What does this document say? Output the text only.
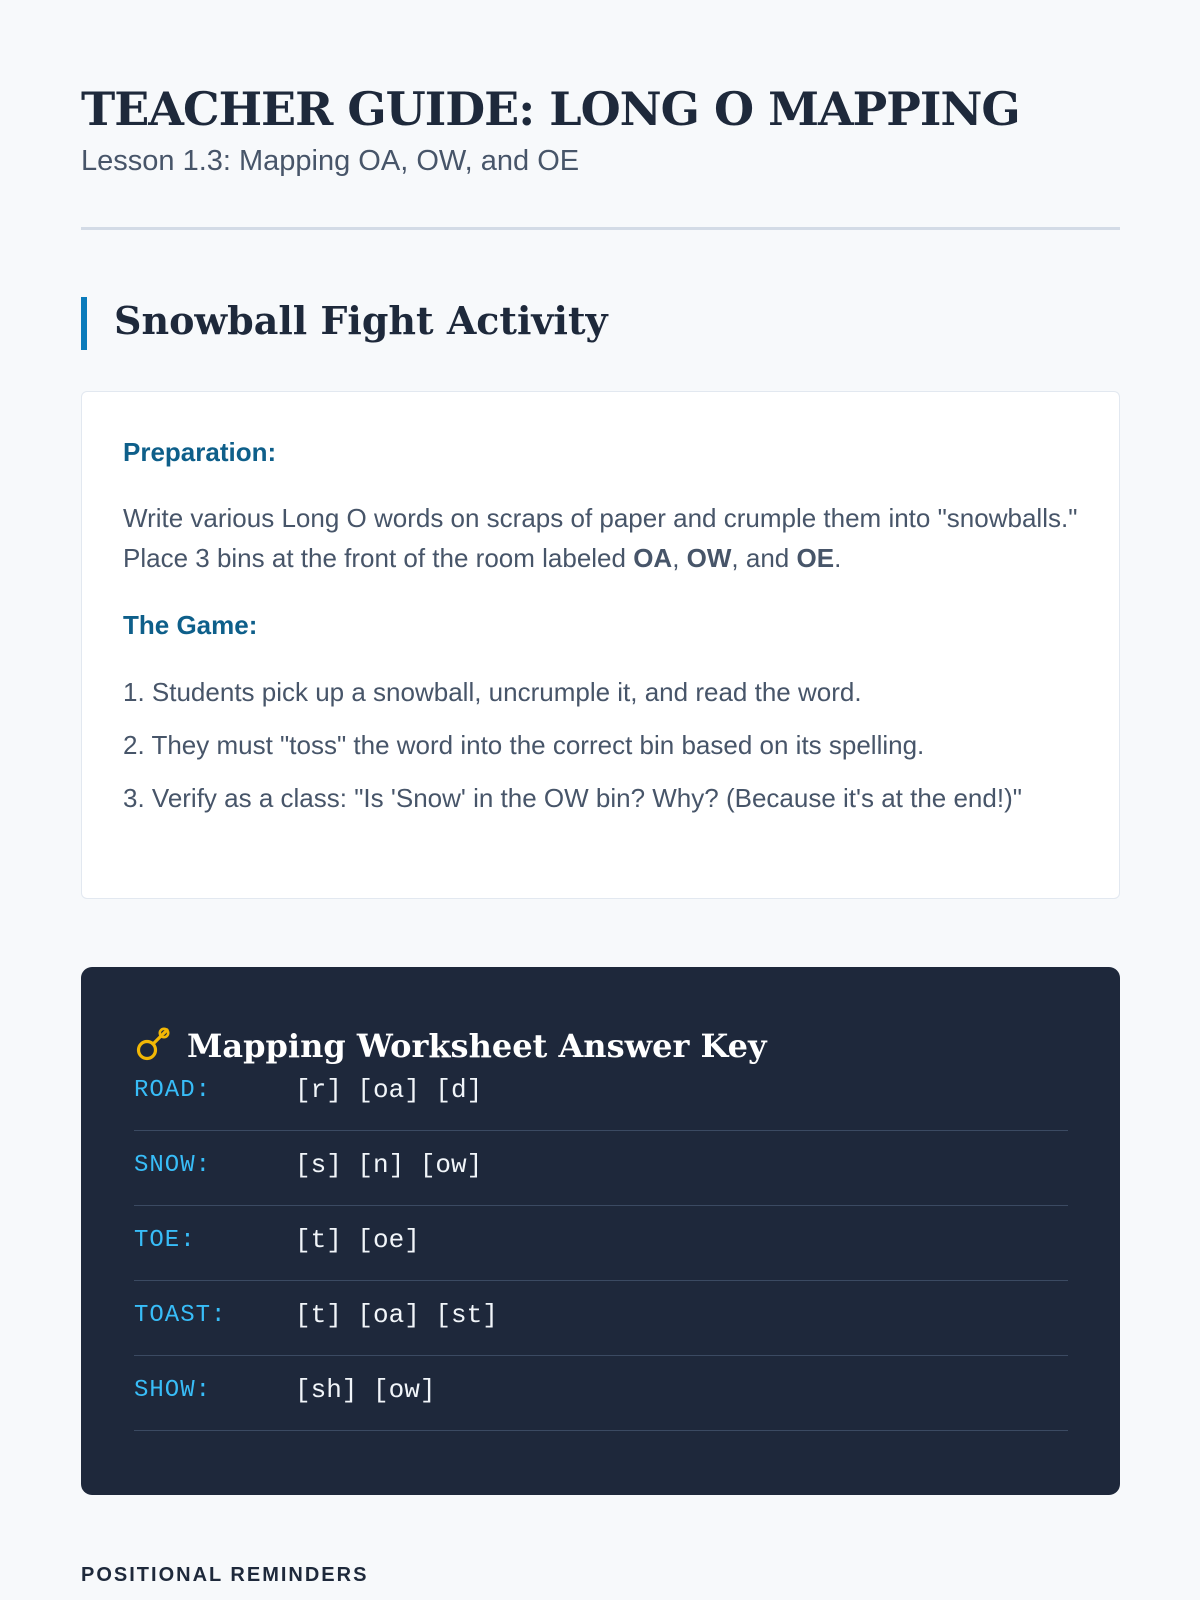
TEACHER GUIDE: LONG O MAPPING

Lesson 1.3: Mapping OA, OW, and OE

Snowball Fight Activity

Preparation:

Write various Long O words on scraps of paper and crumple them into "snowballs." Place 3 bins at the front of the room labeled OA, OW, and OE.

The Game:

1. Students pick up a snowball, uncrumple it, and read the word.

2. They must "toss" the word into the correct bin based on its spelling.

3. Verify as a class: "Is 'Snow' in the OW bin? Why? (Because it's at the end!)"

Mapping Worksheet Answer Key
ROAD:	[r] [oa] [d]
SNOW:	[s] [n] [ow]
TOE:	[t] [oe]
TOAST:	[t] [oa] [st]
SHOW:	[sh] [ow]
POSITIONAL REMINDERS
